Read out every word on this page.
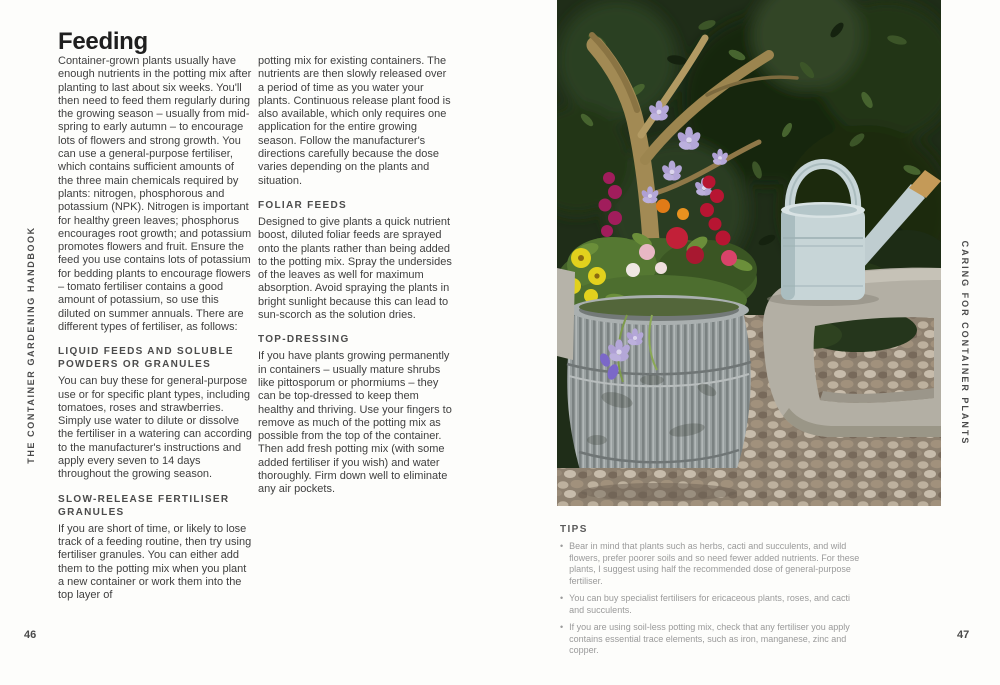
THE CONTAINER GARDENING HANDBOOK
Feeding

Container-grown plants usually have enough nutrients in the potting mix after planting to last about six weeks. You'll then need to feed them regularly during the growing season – usually from mid-spring to early autumn – to encourage lots of flowers and strong growth. You can use a general-purpose fertiliser, which contains sufficient amounts of the three main chemicals required by plants: nitrogen, phosphorous and potassium (NPK). Nitrogen is important for healthy green leaves; phosphorus encourages root growth; and potassium promotes flowers and fruit. Ensure the feed you use contains lots of potassium for bedding plants to encourage flowers – tomato fertiliser contains a good amount of potassium, so use this diluted on summer annuals. There are different types of fertiliser, as follows:

LIQUID FEEDS AND SOLUBLE POWDERS OR GRANULES

You can buy these for general-purpose use or for specific plant types, including tomatoes, roses and strawberries. Simply use water to dilute or dissolve the fertiliser in a watering can according to the manufacturer's instructions and apply every seven to 14 days throughout the growing season.

SLOW-RELEASE FERTILISER GRANULES

If you are short of time, or likely to lose track of a feeding routine, then try using fertiliser granules. You can either add them to the potting mix when you plant a new container or work them into the top layer of

potting mix for existing containers. The nutrients are then slowly released over a period of time as you water your plants. Continuous release plant food is also available, which only requires one application for the entire growing season. Follow the manufacturer's directions carefully because the dose varies depending on the plants and situation.

FOLIAR FEEDS

Designed to give plants a quick nutrient boost, diluted foliar feeds are sprayed onto the plants rather than being added to the potting mix. Spray the undersides of the leaves as well for maximum absorption. Avoid spraying the plants in bright sunlight because this can lead to sun-scorch as the solution dries.

TOP-DRESSING

If you have plants growing permanently in containers – usually mature shrubs like pittosporum or phormiums – they can be top-dressed to keep them healthy and thriving. Use your fingers to remove as much of the potting mix as possible from the top of the container. Then add fresh potting mix (with some added fertiliser if you wish) and water thoroughly. Firm down well to eliminate any air pockets.

46

TIPS

• Bear in mind that plants such as herbs, cacti and succulents, and wild flowers, prefer poorer soils and so need fewer added nutrients. For these plants, I suggest using half the recommended dose of general-purpose fertiliser.
• You can buy specialist fertilisers for ericaceous plants, roses, and cacti and succulents.
• If you are using soil-less potting mix, check that any fertiliser you apply contains essential trace elements, such as iron, manganese, zinc and copper.
CARING FOR CONTAINER PLANTS
47
